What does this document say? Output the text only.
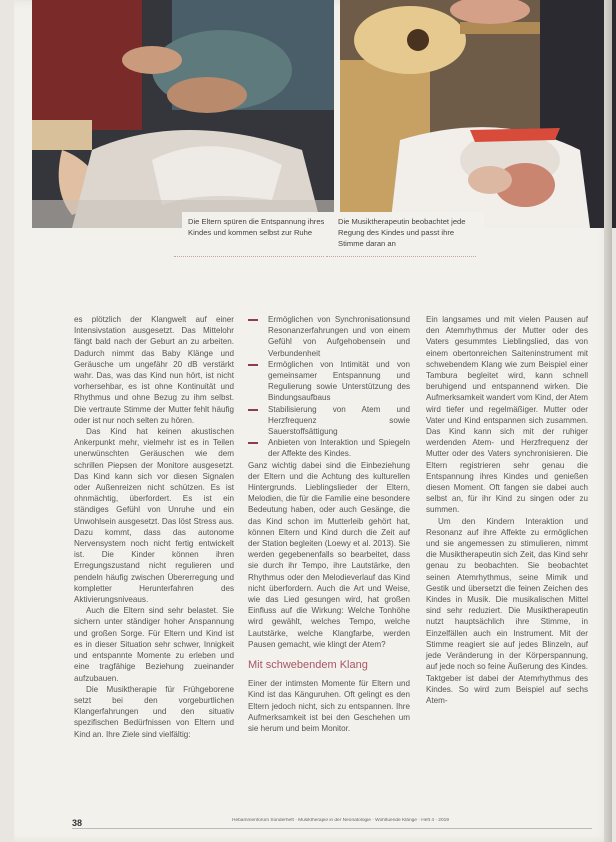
Die Eltern spüren die Entspannung ihres Kindes und kommen selbst zur Ruhe
Die Musiktherapeutin beobachtet jede Regung des Kindes und passt ihre Stimme daran an

es plötzlich der Klangwelt auf einer Intensivstation ausgesetzt. Das Mittelohr fängt bald nach der Geburt an zu arbeiten. Dadurch nimmt das Baby Klänge und Geräusche um ungefähr 20 dB verstärkt wahr. Das, was das Kind nun hört, ist nicht vorhersehbar, es ist ohne Kontinuität und Rhythmus und ohne Bezug zu ihm selbst. Die vertraute Stimme der Mutter fehlt häufig oder ist nur noch selten zu hören.

Das Kind hat keinen akustischen Ankerpunkt mehr, vielmehr ist es in Teilen unerwünschten Geräuschen wie dem schrillen Piepsen der Monitore ausgesetzt. Das Kind kann sich vor diesen Signalen oder Außenreizen nicht schützen. Es ist ohnmächtig, überfordert. Es ist ein ständiges Gefühl von Unruhe und ein Unwohlsein ausgesetzt. Das löst Stress aus. Dazu kommt, dass das autonome Nervensystem noch nicht fertig entwickelt ist. Die Kinder können ihren Erregungszustand nicht regulieren und pendeln häufig zwischen Übererregung und kompletter Herunterfahren des Aktivierungsniveaus.

Auch die Eltern sind sehr belastet. Sie sichern unter ständiger hoher Anspannung und großen Sorge. Für Eltern und Kind ist es in dieser Situation sehr schwer, Innigkeit und entspannte Momente zu erleben und eine tragfähige Beziehung zueinander aufzubauen.

Die Musiktherapie für Frühgeborene setzt bei den vorgeburtlichen Klangerfahrungen und den situativ spezifischen Bedürfnissen von Eltern und Kind an. Ihre Ziele sind vielfältig:

Ermöglichen von Synchronisationsund Resonanzerfahrungen und von einem Gefühl von Aufgehobensein und Verbundenheit
Ermöglichen von Intimität und von gemeinsamer Entspannung und Regulierung sowie Unterstützung des Bindungsaufbaus
Stabilisierung von Atem und Herzfrequenz sowie Sauerstoffsättigung
Anbieten von Interaktion und Spiegeln der Affekte des Kindes.

Ganz wichtig dabei sind die Einbeziehung der Eltern und die Achtung des kulturellen Hintergrunds. Lieblingslieder der Eltern, Melodien, die für die Familie eine besondere Bedeutung haben, oder auch Gesänge, die das Kind schon im Mutterleib gehört hat, können Eltern und Kind durch die Zeit auf der Station begleiten (Loewy et al. 2013). Sie werden gegebenenfalls so bearbeitet, dass sie durch ihr Tempo, ihre Lautstärke, den Rhythmus oder den Melodieverlauf das Kind nicht überfordern. Auch die Art und Weise, wie das Lied gesungen wird, hat großen Einfluss auf die Wirkung: Welche Tonhöhe wird gewählt, welches Tempo, welche Lautstärke, welche Klangfarbe, werden Pausen gemacht, wie klingt der Atem?

Mit schwebendem Klang

Einer der intimsten Momente für Eltern und Kind ist das Känguruhen. Oft gelingt es den Eltern jedoch nicht, sich zu entspannen. Ihre Aufmerksamkeit ist bei den Geschehen um sie herum und beim Monitor.

Ein langsames und mit vielen Pausen auf den Atemrhythmus der Mutter oder des Vaters gesummtes Lieblingslied, das von einem obertonreichen Saiteninstrument mit schwebendem Klang wie zum Beispiel einer Tambura begleitet wird, kann schnell beruhigend und entspannend wirken. Die Aufmerksamkeit wandert vom Kind, der Atem wird tiefer und regelmäßiger. Mutter oder Vater und Kind entspannen sich zusammen. Das Kind kann sich mit der ruhiger werdenden Atem- und Herzfrequenz der Mutter oder des Vaters synchronisieren. Die Eltern registrieren sehr genau die Entspannung ihres Kindes und genießen diesen Moment. Oft fangen sie dabei auch selbst an, für ihr Kind zu singen oder zu summen.

Um den Kindern Interaktion und Resonanz auf ihre Affekte zu ermöglichen und sie angemessen zu stimulieren, nimmt die Musiktherapeutin sich Zeit, das Kind sehr genau zu beobachten. Sie beobachtet seinen Atemrhythmus, seine Mimik und Gestik und übersetzt die feinen Zeichen des Kindes in Musik. Die musikalischen Mittel sind sehr reduziert. Die Musiktherapeutin nutzt hauptsächlich ihre Stimme, in Einzelfällen auch ein Instrument. Mit der Stimme reagiert sie auf jedes Blinzeln, auf jede Veränderung in der Körperspannung, auf jede noch so feine Äußerung des Kindes. Taktgeber ist dabei der Atemrhythmus des Kindes. So wird zum Beispiel auf sechs Atem-

38	Hebammenforum Sonderheft · Musiktherapie in der Neonatologie · Wohltuende Klänge · Heft 4 · 2019
